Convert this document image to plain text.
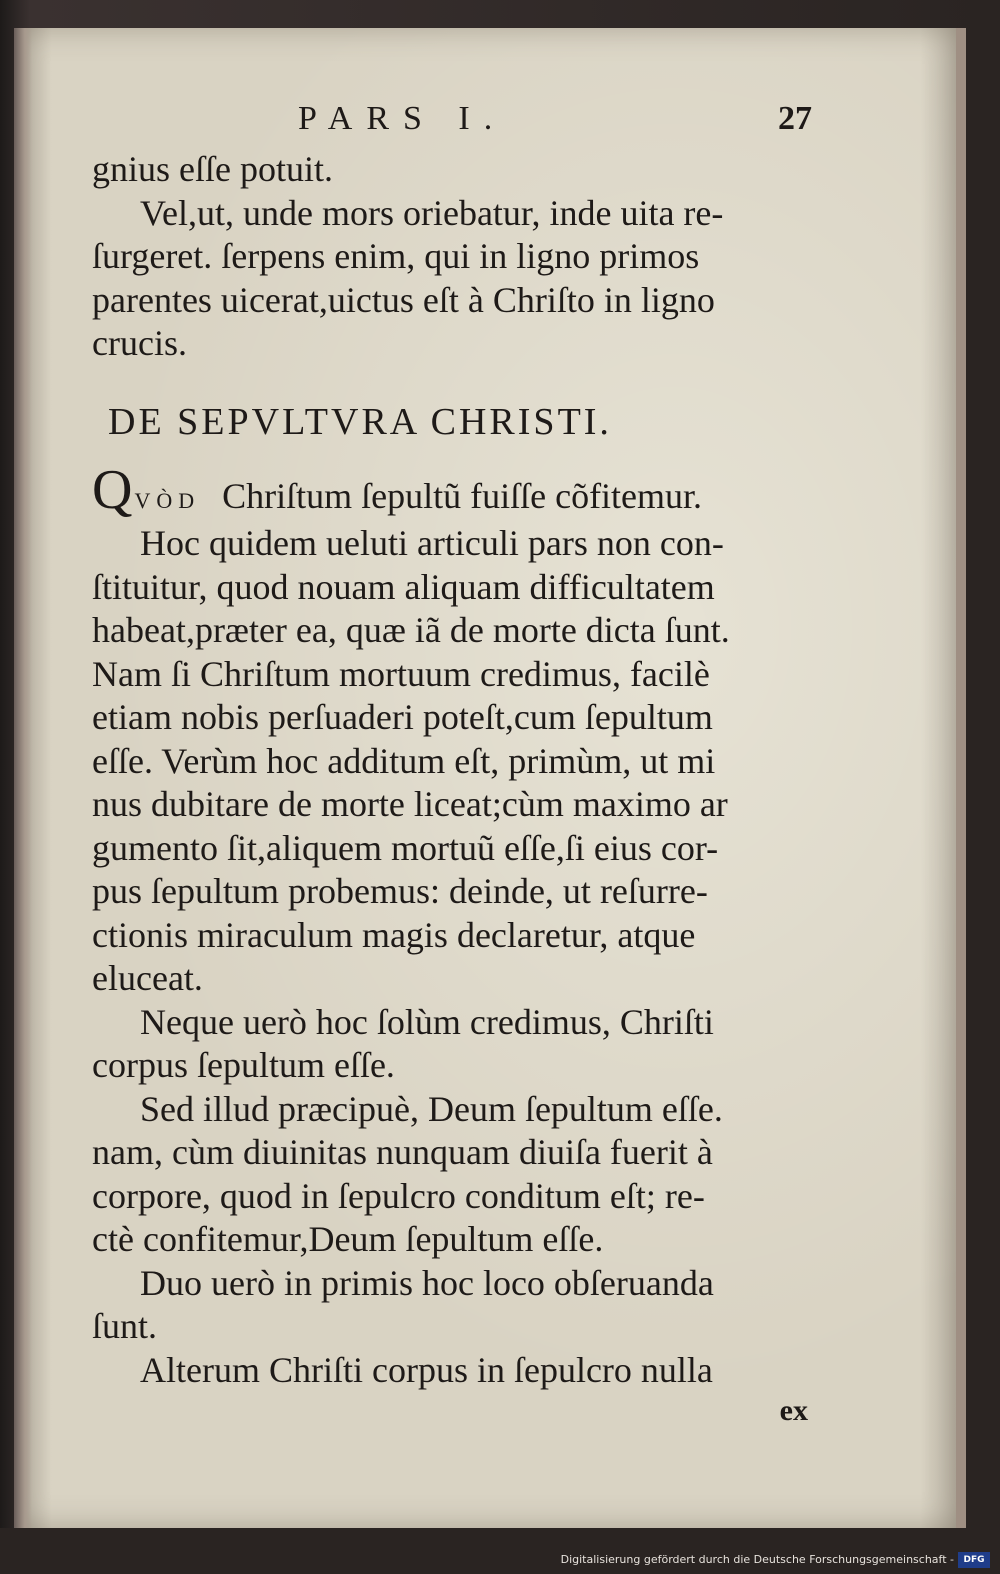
PARS I.	27
gnius eſſe potuit.
Vel,ut, unde mors oriebatur, inde uita re-
ſurgeret. ſerpens enim, qui in ligno primos
parentes uicerat,uictus eſt à Chriſto in ligno
crucis.
DE SEPVLTVRA CHRISTI.
QVÒD Chriſtum ſepultũ fuiſſe cõfitemur.
Hoc quidem ueluti articuli pars non con-
ſtituitur, quod nouam aliquam difficultatem
habeat,præter ea, quæ iã de morte dicta ſunt.
Nam ſi Chriſtum mortuum credimus, facilè
etiam nobis perſuaderi poteſt,cum ſepultum
eſſe. Verùm hoc additum eſt, primùm, ut mi
nus dubitare de morte liceat;cùm maximo ar
gumento ſit,aliquem mortuũ eſſe,ſi eius cor-
pus ſepultum probemus: deinde, ut reſurre-
ctionis miraculum magis declaretur, atque
eluceat.
Neque uerò hoc ſolùm credimus, Chriſti
corpus ſepultum eſſe.
Sed illud præcipuè, Deum ſepultum eſſe.
nam, cùm diuinitas nunquam diuiſa fuerit à
corpore, quod in ſepulcro conditum eſt; re-
ctè confitemur,Deum ſepultum eſſe.
Duo uerò in primis hoc loco obſeruanda
ſunt.
Alterum Chriſti corpus in ſepulcro nulla
ex
Digitalisierung gefördert durch die Deutsche Forschungsgemeinschaft -	DFG
